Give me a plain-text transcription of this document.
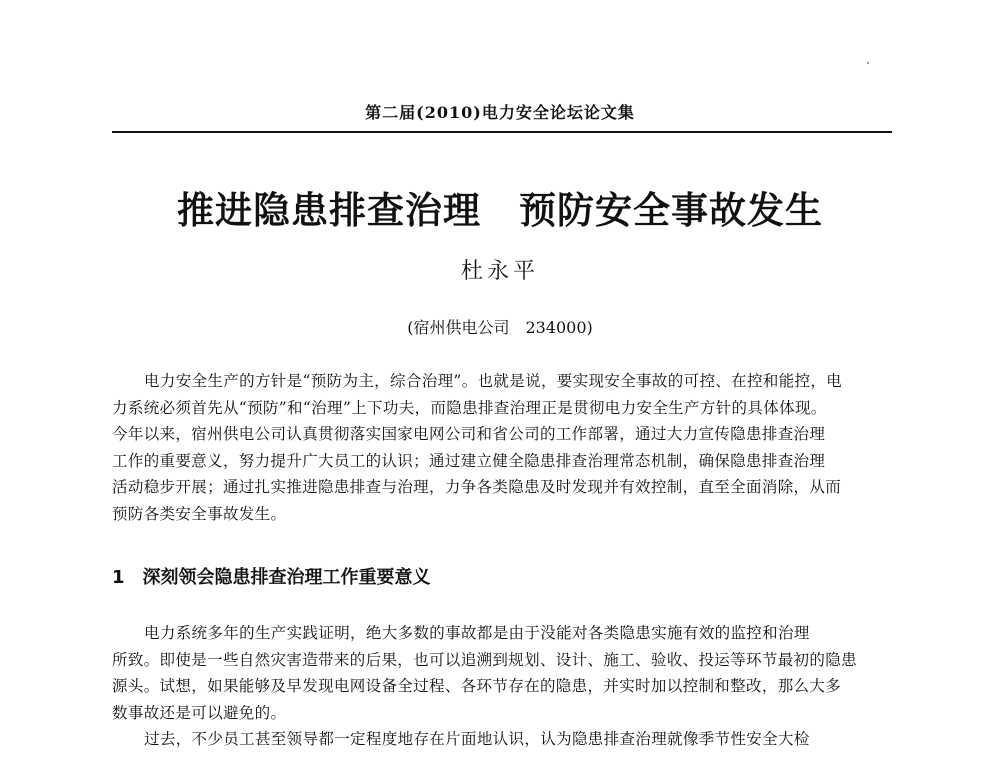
第二届(2010)电力安全论坛论文集
推进隐患排查治理　预防安全事故发生

杜永平

(宿州供电公司　234000)

电力安全生产的方针是“预防为主，综合治理”。也就是说，要实现安全事故的可控、在控和能控，电
力系统必须首先从“预防”和“治理”上下功夫，而隐患排查治理正是贯彻电力安全生产方针的具体体现。
今年以来，宿州供电公司认真贯彻落实国家电网公司和省公司的工作部署，通过大力宣传隐患排查治理
工作的重要意义，努力提升广大员工的认识；通过建立健全隐患排查治理常态机制，确保隐患排查治理
活动稳步开展；通过扎实推进隐患排查与治理，力争各类隐患及时发现并有效控制，直至全面消除，从而
预防各类安全事故发生。
1　深刻领会隐患排查治理工作重要意义
电力系统多年的生产实践证明，绝大多数的事故都是由于没能对各类隐患实施有效的监控和治理
所致。即使是一些自然灾害造带来的后果，也可以追溯到规划、设计、施工、验收、投运等环节最初的隐患
源头。试想，如果能够及早发现电网设备全过程、各环节存在的隐患，并实时加以控制和整改，那么大多
数事故还是可以避免的。
过去，不少员工甚至领导都一定程度地存在片面地认识，认为隐患排查治理就像季节性安全大检
